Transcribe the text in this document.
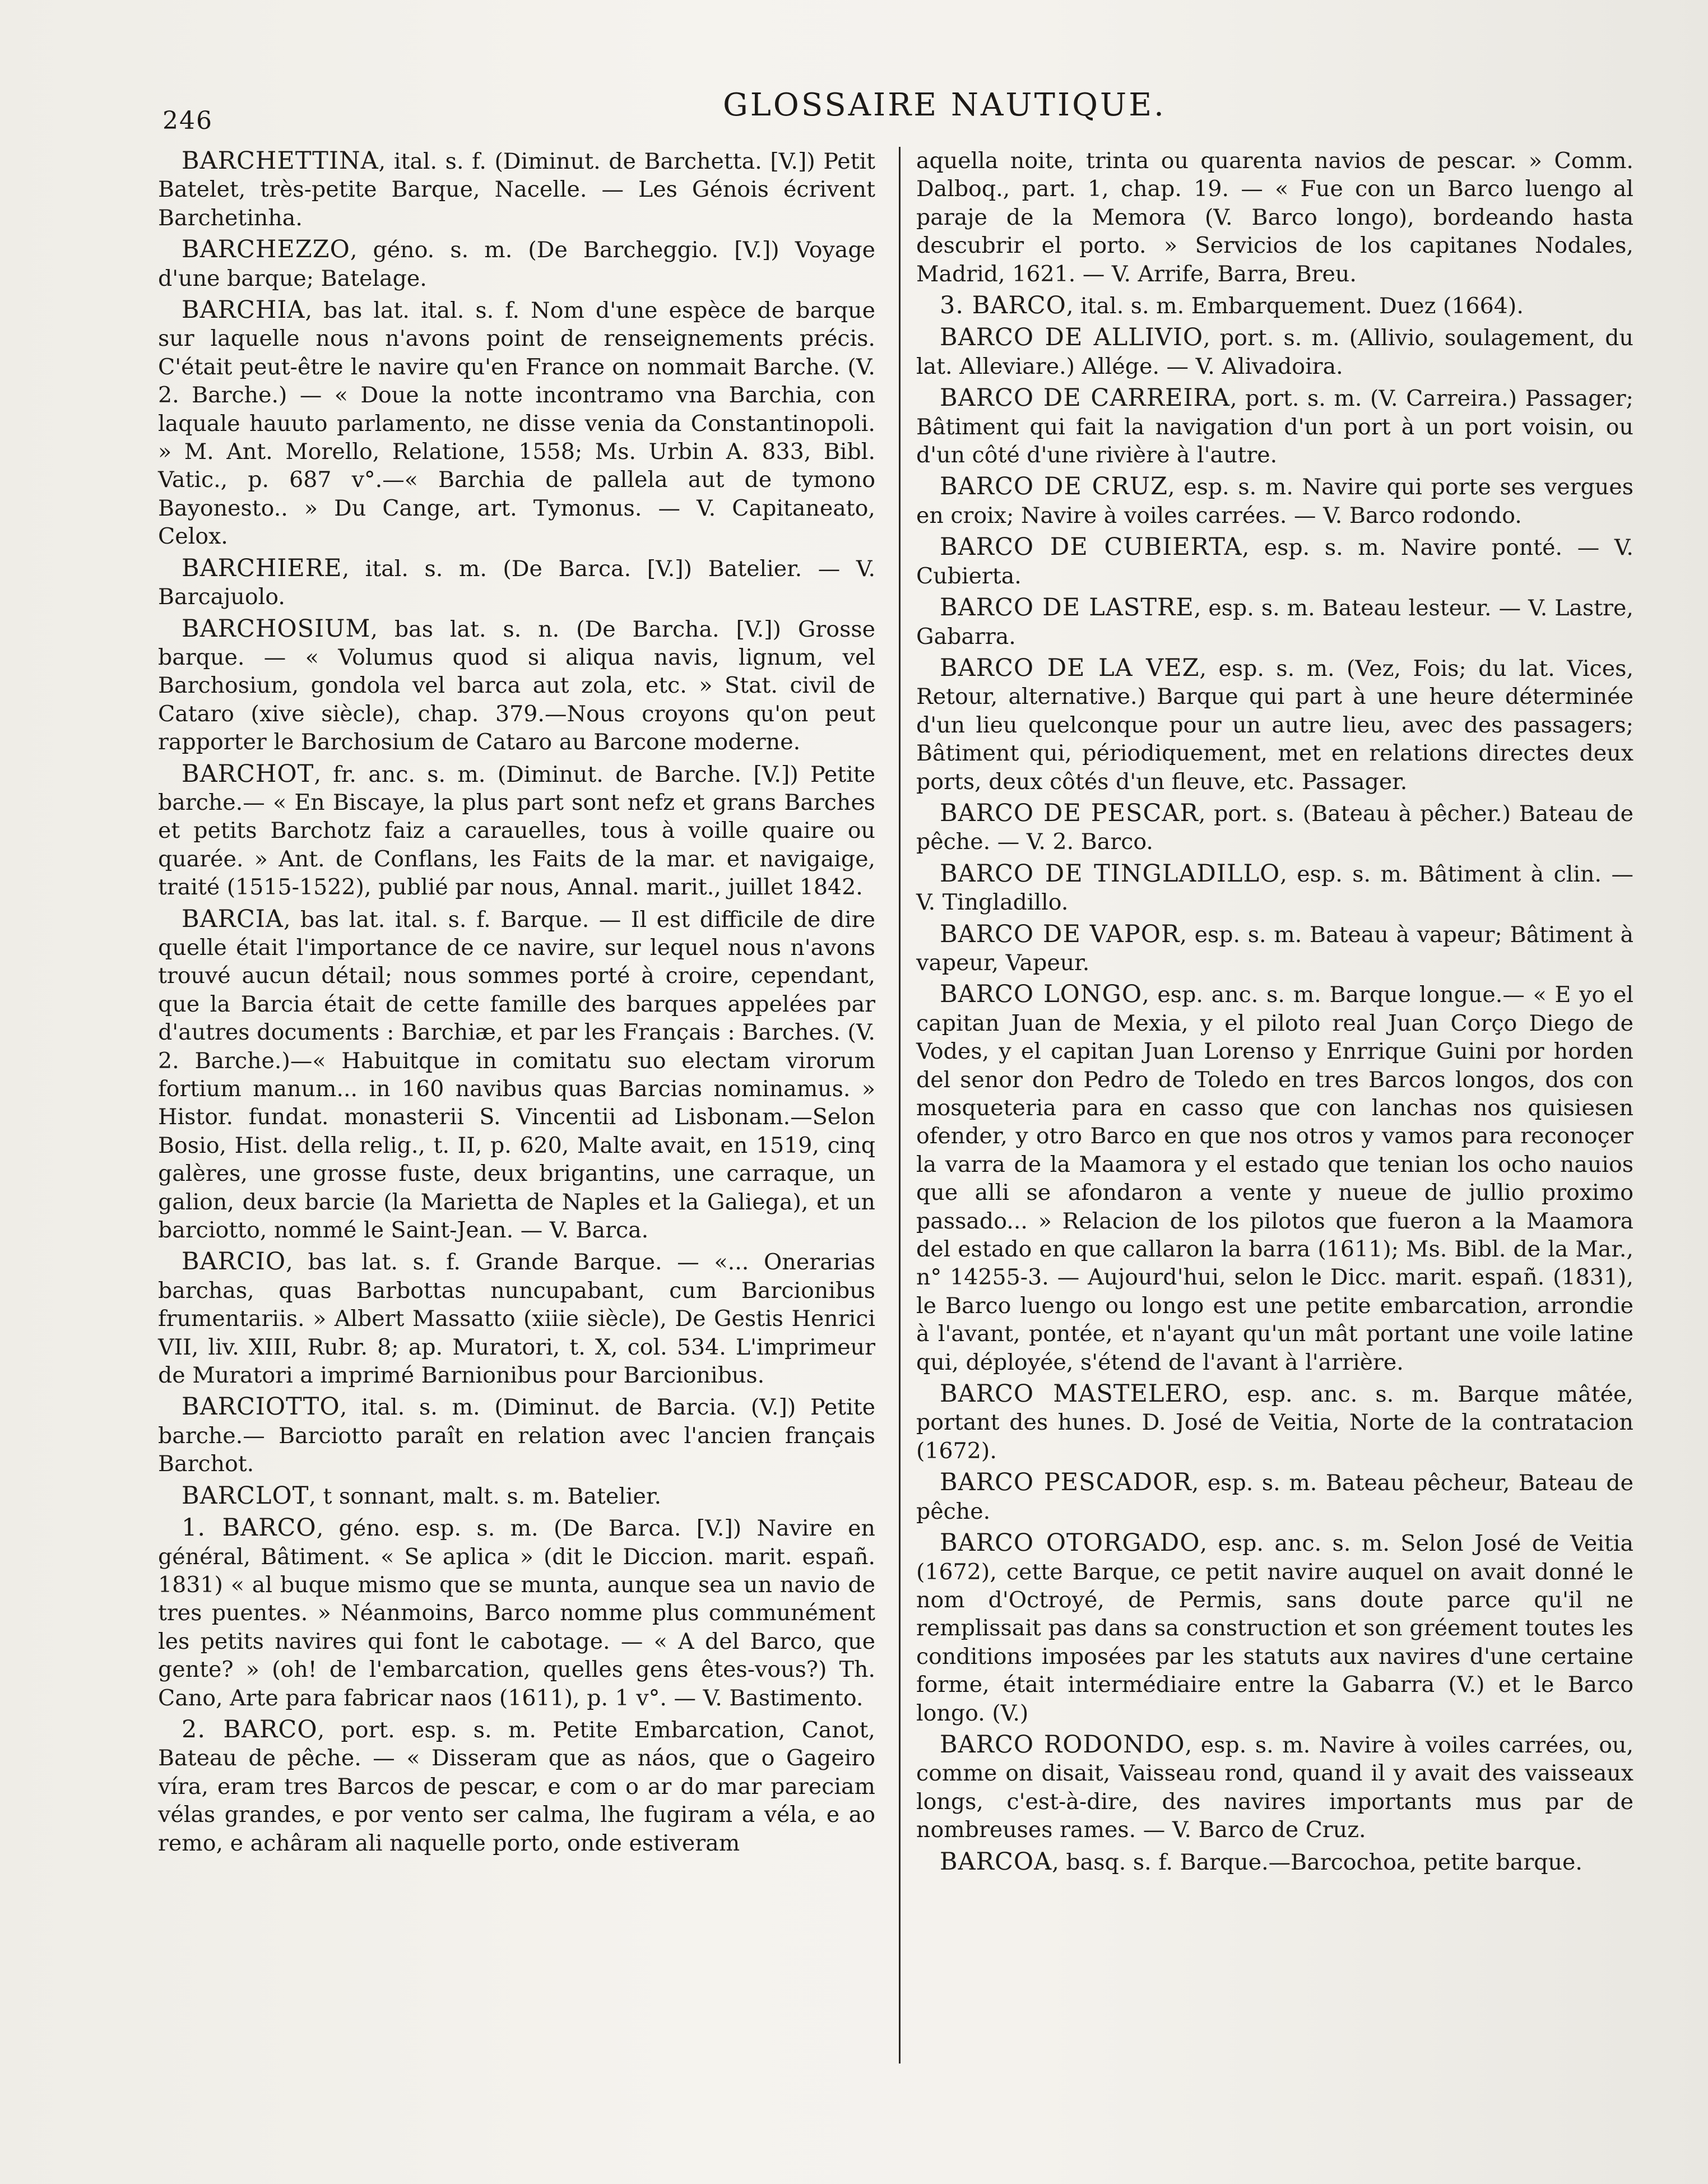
246	GLOSSAIRE NAUTIQUE.

BARCHETTINA, ital. s. f. (Diminut. de Barchetta. [V.]) Petit Batelet, très-petite Barque, Nacelle. — Les Génois écrivent Barchetinha.

BARCHEZZO, géno. s. m. (De Barcheggio. [V.]) Voyage d'une barque; Batelage.

BARCHIA, bas lat. ital. s. f. Nom d'une espèce de barque sur laquelle nous n'avons point de renseignements précis. C'était peut-être le navire qu'en France on nommait Barche. (V. 2. Barche.) — « Doue la notte incontramo vna Barchia, con laquale hauuto parlamento, ne disse venia da Constantinopoli. » M. Ant. Morello, Relatione, 1558; Ms. Urbin A. 833, Bibl. Vatic., p. 687 v°.—« Barchia de pallela aut de tymono Bayonesto.. » Du Cange, art. Tymonus. — V. Capitaneato, Celox.

BARCHIERE, ital. s. m. (De Barca. [V.]) Batelier. — V. Barcajuolo.

BARCHOSIUM, bas lat. s. n. (De Barcha. [V.]) Grosse barque. — « Volumus quod si aliqua navis, lignum, vel Barchosium, gondola vel barca aut zola, etc. » Stat. civil de Cataro (xive siècle), chap. 379.—Nous croyons qu'on peut rapporter le Barchosium de Cataro au Barcone moderne.

BARCHOT, fr. anc. s. m. (Diminut. de Barche. [V.]) Petite barche.— « En Biscaye, la plus part sont nefz et grans Barches et petits Barchotz faiz a carauelles, tous à voille quaire ou quarée. » Ant. de Conflans, les Faits de la mar. et navigaige, traité (1515-1522), publié par nous, Annal. marit., juillet 1842.

BARCIA, bas lat. ital. s. f. Barque. — Il est difficile de dire quelle était l'importance de ce navire, sur lequel nous n'avons trouvé aucun détail; nous sommes porté à croire, cependant, que la Barcia était de cette famille des barques appelées par d'autres documents : Barchiæ, et par les Français : Barches. (V. 2. Barche.)—« Habuitque in comitatu suo electam virorum fortium manum... in 160 navibus quas Barcias nominamus. » Histor. fundat. monasterii S. Vincentii ad Lisbonam.—Selon Bosio, Hist. della relig., t. II, p. 620, Malte avait, en 1519, cinq galères, une grosse fuste, deux brigantins, une carraque, un galion, deux barcie (la Marietta de Naples et la Galiega), et un barciotto, nommé le Saint-Jean. — V. Barca.

BARCIO, bas lat. s. f. Grande Barque. — «... Onerarias barchas, quas Barbottas nuncupabant, cum Barcionibus frumentariis. » Albert Massatto (xiiie siècle), De Gestis Henrici VII, liv. XIII, Rubr. 8; ap. Muratori, t. X, col. 534. L'imprimeur de Muratori a imprimé Barnionibus pour Barcionibus.

BARCIOTTO, ital. s. m. (Diminut. de Barcia. (V.]) Petite barche.— Barciotto paraît en relation avec l'ancien français Barchot.

BARCLOT, t sonnant, malt. s. m. Batelier.

1. BARCO, géno. esp. s. m. (De Barca. [V.]) Navire en général, Bâtiment. « Se aplica » (dit le Diccion. marit. españ. 1831) « al buque mismo que se munta, aunque sea un navio de tres puentes. » Néanmoins, Barco nomme plus communément les petits navires qui font le cabotage. — « A del Barco, que gente? » (oh! de l'embarcation, quelles gens êtes-vous?) Th. Cano, Arte para fabricar naos (1611), p. 1 v°. — V. Bastimento.

2. BARCO, port. esp. s. m. Petite Embarcation, Canot, Bateau de pêche. — « Disseram que as náos, que o Gageiro víra, eram tres Barcos de pescar, e com o ar do mar pareciam vélas grandes, e por vento ser calma, lhe fugiram a véla, e ao remo, e achâram ali naquelle porto, onde estiveram

aquella noite, trinta ou quarenta navios de pescar. » Comm. Dalboq., part. 1, chap. 19. — « Fue con un Barco luengo al paraje de la Memora (V. Barco longo), bordeando hasta descubrir el porto. » Servicios de los capitanes Nodales, Madrid, 1621. — V. Arrife, Barra, Breu.

3. BARCO, ital. s. m. Embarquement. Duez (1664).

BARCO DE ALLIVIO, port. s. m. (Allivio, soulagement, du lat. Alleviare.) Allége. — V. Alivadoira.

BARCO DE CARREIRA, port. s. m. (V. Carreira.) Passager; Bâtiment qui fait la navigation d'un port à un port voisin, ou d'un côté d'une rivière à l'autre.

BARCO DE CRUZ, esp. s. m. Navire qui porte ses vergues en croix; Navire à voiles carrées. — V. Barco rodondo.

BARCO DE CUBIERTA, esp. s. m. Navire ponté. — V. Cubierta.

BARCO DE LASTRE, esp. s. m. Bateau lesteur. — V. Lastre, Gabarra.

BARCO DE LA VEZ, esp. s. m. (Vez, Fois; du lat. Vices, Retour, alternative.) Barque qui part à une heure déterminée d'un lieu quelconque pour un autre lieu, avec des passagers; Bâtiment qui, périodiquement, met en relations directes deux ports, deux côtés d'un fleuve, etc. Passager.

BARCO DE PESCAR, port. s. (Bateau à pêcher.) Bateau de pêche. — V. 2. Barco.

BARCO DE TINGLADILLO, esp. s. m. Bâtiment à clin. — V. Tingladillo.

BARCO DE VAPOR, esp. s. m. Bateau à vapeur; Bâtiment à vapeur, Vapeur.

BARCO LONGO, esp. anc. s. m. Barque longue.— « E yo el capitan Juan de Mexia, y el piloto real Juan Corço Diego de Vodes, y el capitan Juan Lorenso y Enrrique Guini por horden del senor don Pedro de Toledo en tres Barcos longos, dos con mosqueteria para en casso que con lanchas nos quisiesen ofender, y otro Barco en que nos otros y vamos para reconoçer la varra de la Maamora y el estado que tenian los ocho nauios que alli se afondaron a vente y nueue de jullio proximo passado... » Relacion de los pilotos que fueron a la Maamora del estado en que callaron la barra (1611); Ms. Bibl. de la Mar., n° 14255-3. — Aujourd'hui, selon le Dicc. marit. españ. (1831), le Barco luengo ou longo est une petite embarcation, arrondie à l'avant, pontée, et n'ayant qu'un mât portant une voile latine qui, déployée, s'étend de l'avant à l'arrière.

BARCO MASTELERO, esp. anc. s. m. Barque mâtée, portant des hunes. D. José de Veitia, Norte de la contratacion (1672).

BARCO PESCADOR, esp. s. m. Bateau pêcheur, Bateau de pêche.

BARCO OTORGADO, esp. anc. s. m. Selon José de Veitia (1672), cette Barque, ce petit navire auquel on avait donné le nom d'Octroyé, de Permis, sans doute parce qu'il ne remplissait pas dans sa construction et son gréement toutes les conditions imposées par les statuts aux navires d'une certaine forme, était intermédiaire entre la Gabarra (V.) et le Barco longo. (V.)

BARCO RODONDO, esp. s. m. Navire à voiles carrées, ou, comme on disait, Vaisseau rond, quand il y avait des vaisseaux longs, c'est-à-dire, des navires importants mus par de nombreuses rames. — V. Barco de Cruz.

BARCOA, basq. s. f. Barque.—Barcochoa, petite barque.
